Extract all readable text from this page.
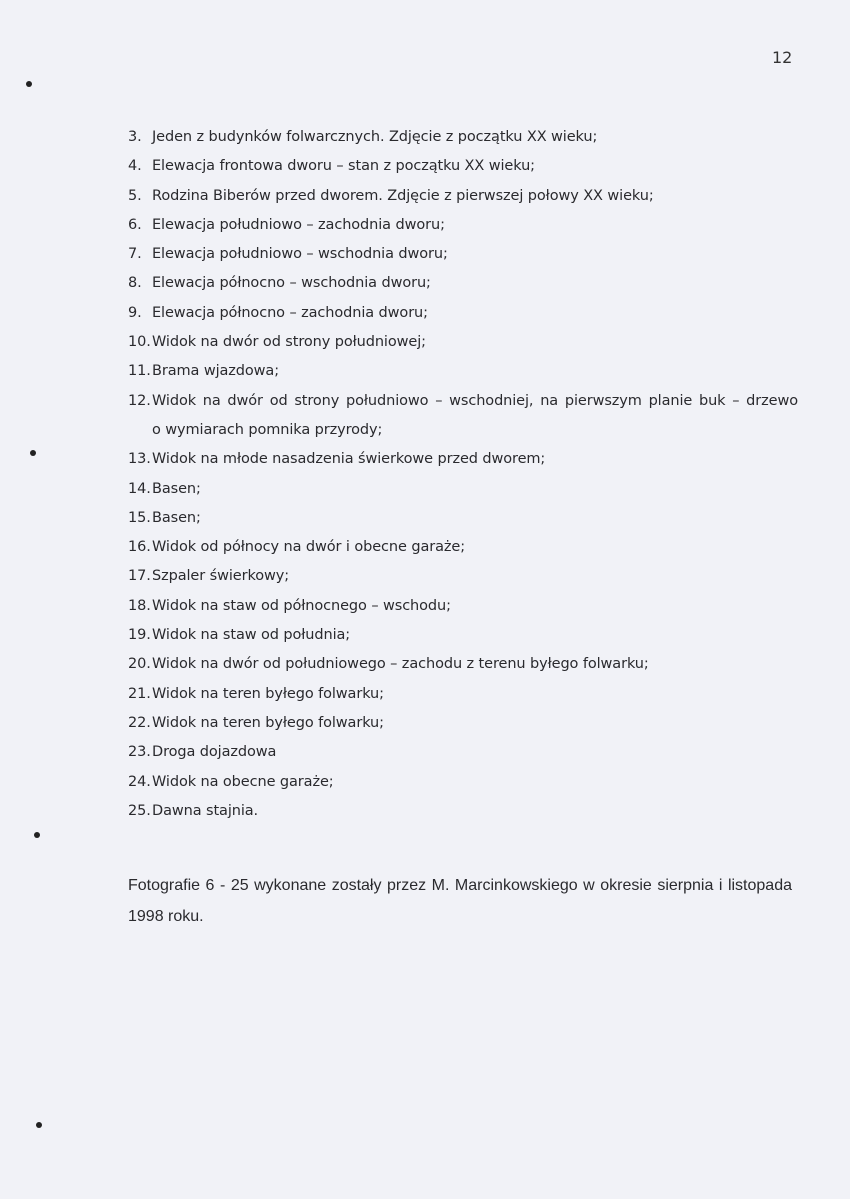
12
3. Jeden z budynków folwarcznych. Zdjęcie z początku XX wieku;
4. Elewacja frontowa dworu – stan z początku XX wieku;
5. Rodzina Biberów przed dworem. Zdjęcie z pierwszej połowy XX wieku;
6. Elewacja południowo – zachodnia dworu;
7. Elewacja południowo – wschodnia dworu;
8. Elewacja północno – wschodnia dworu;
9. Elewacja północno – zachodnia dworu;
10. Widok na dwór od strony południowej;
11. Brama wjazdowa;
12. Widok na dwór od strony południowo – wschodniej, na pierwszym planie buk – drzewo
o wymiarach pomnika przyrody;
13. Widok na młode nasadzenia świerkowe przed dworem;
14. Basen;
15. Basen;
16. Widok od północy na dwór i obecne garaże;
17. Szpaler świerkowy;
18. Widok na staw od północnego – wschodu;
19. Widok na staw od południa;
20. Widok na dwór od południowego – zachodu z terenu byłego folwarku;
21. Widok na teren byłego folwarku;
22. Widok na teren byłego folwarku;
23. Droga dojazdowa
24. Widok na obecne garaże;
25. Dawna stajnia.

Fotografie 6 - 25 wykonane zostały przez M. Marcinkowskiego w okresie sierpnia i listopada 1998 roku.
